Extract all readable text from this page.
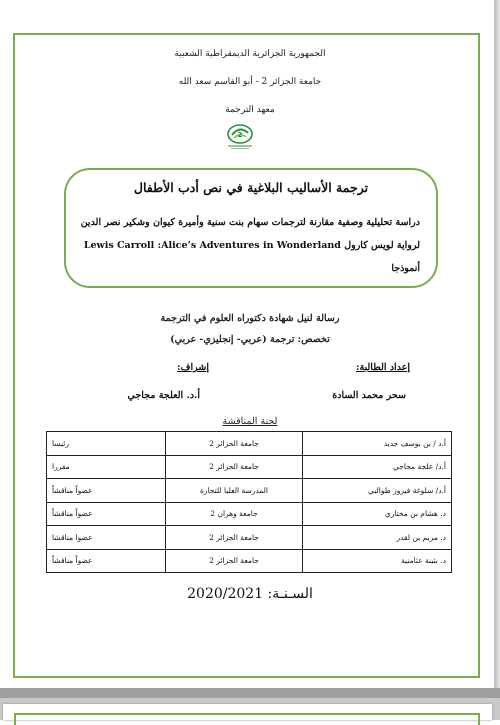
الجمهورية الجزائرية الديمقراطية الشعبية
جامعة الجزائر 2 - أبو القاسم سعد الله
معهد الترجمة
2
ترجمة الأساليب البلاغية في نص أدب الأطفال
دراسة تحليلية وصفية مقارنة لترجمات سهام بنت سنية وأميرة كيوان وشكير نصر الدين
لرواية لويس كارول Lewis Carroll :Alice’s Adventures in Wonderland
أنموذجا
رسالة لنيل شهادة دكتوراه العلوم في الترجمة
تخصص: ترجمة (عربي- إنجليزي- عربي)
إعداد الطالبة:
إشراف:
سحر محمد السادة
أ.د. العلجة مجاجي
لجنة المناقشة
أ.د / بن يوسف جديد	جامعة الجزائر 2	رئيسا
أ.د/ علجة مجاجي	جامعة الجزائر 2	مقررا
أ.د/ سلوغة فيروز طوالبي	المدرسة العليا للتجارة	عضواً مناقشاً
د. هشام بن مختاري	جامعة وهران 2	عضواً مناقشاً
د. مريم بن لقدر	جامعة الجزائر 2	عضوا مناقشا
د. بثينة عثامنية	جامعة الجزائر 2	عضواً مناقشاً
السـنـة: 2020/2021
